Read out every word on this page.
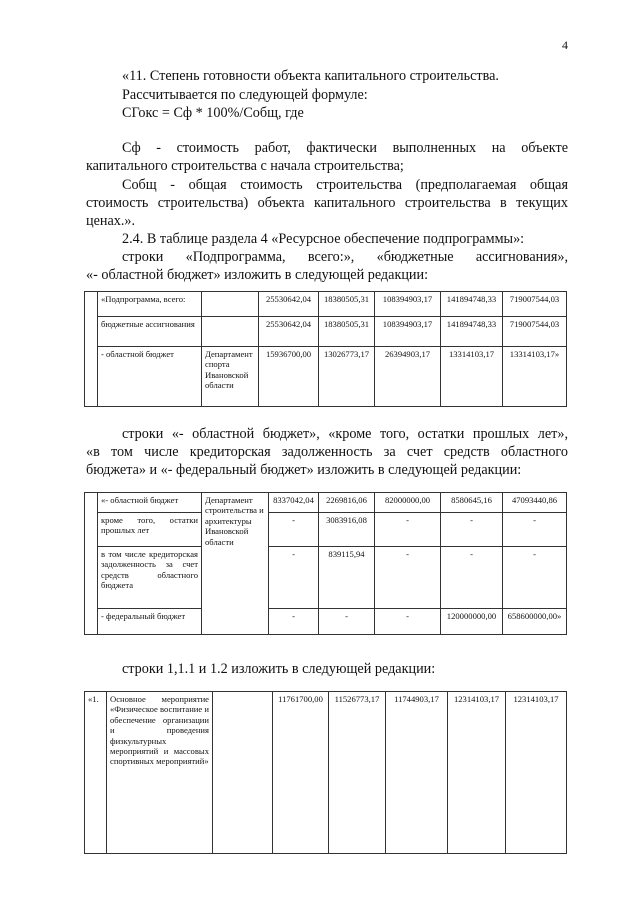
4

«11. Степень готовности объекта капитального строительства.

Рассчитывается по следующей формуле:

СГокс = Сф * 100%/Собщ, где

Сф - стоимость работ, фактически выполненных на объекте

капитального строительства с начала строительства;

Собщ - общая стоимость строительства (предполагаемая общая

стоимость строительства) объекта капитального строительства в текущих

ценах.».

2.4. В таблице раздела 4 «Ресурсное обеспечение подпрограммы»:

строки «Подпрограмма, всего:», «бюджетные ассигнования»,

«- областной бюджет» изложить в следующей редакции:

	«Подпрограмма, всего:		25530642,04	18380505,31	108394903,17	141894748,33	719007544,03
	бюджетные ассигнования		25530642,04	18380505,31	108394903,17	141894748,33	719007544,03
	- областной бюджет	Департамент спорта Ивановской области	15936700,00	13026773,17	26394903,17	13314103,17	13314103,17»

строки «- областной бюджет», «кроме того, остатки прошлых лет»,

«в том числе кредиторская задолженность за счет средств областного

бюджета» и «- федеральный бюджет» изложить в следующей редакции:

	«- областной бюджет	Департамент строительства и архитектуры Ивановской области	8337042,04	2269816,06	82000000,00	8580645,16	47093440,86
	кроме того, остатки прошлых лет		-	3083916,08	-	-	-
	в том числе кредиторская задолженность за счет средств областного бюджета		-	839115,94	-	-	-
	- федеральный бюджет		-	-	-	120000000,00	658600000,00»

строки 1,1.1 и 1.2 изложить в следующей редакции:

«1.	Основное мероприятие «Физическое воспитание и обеспечение организации и проведения физкультурных мероприятий и массовых спортивных мероприятий»		11761700,00	11526773,17	11744903,17	12314103,17	12314103,17
